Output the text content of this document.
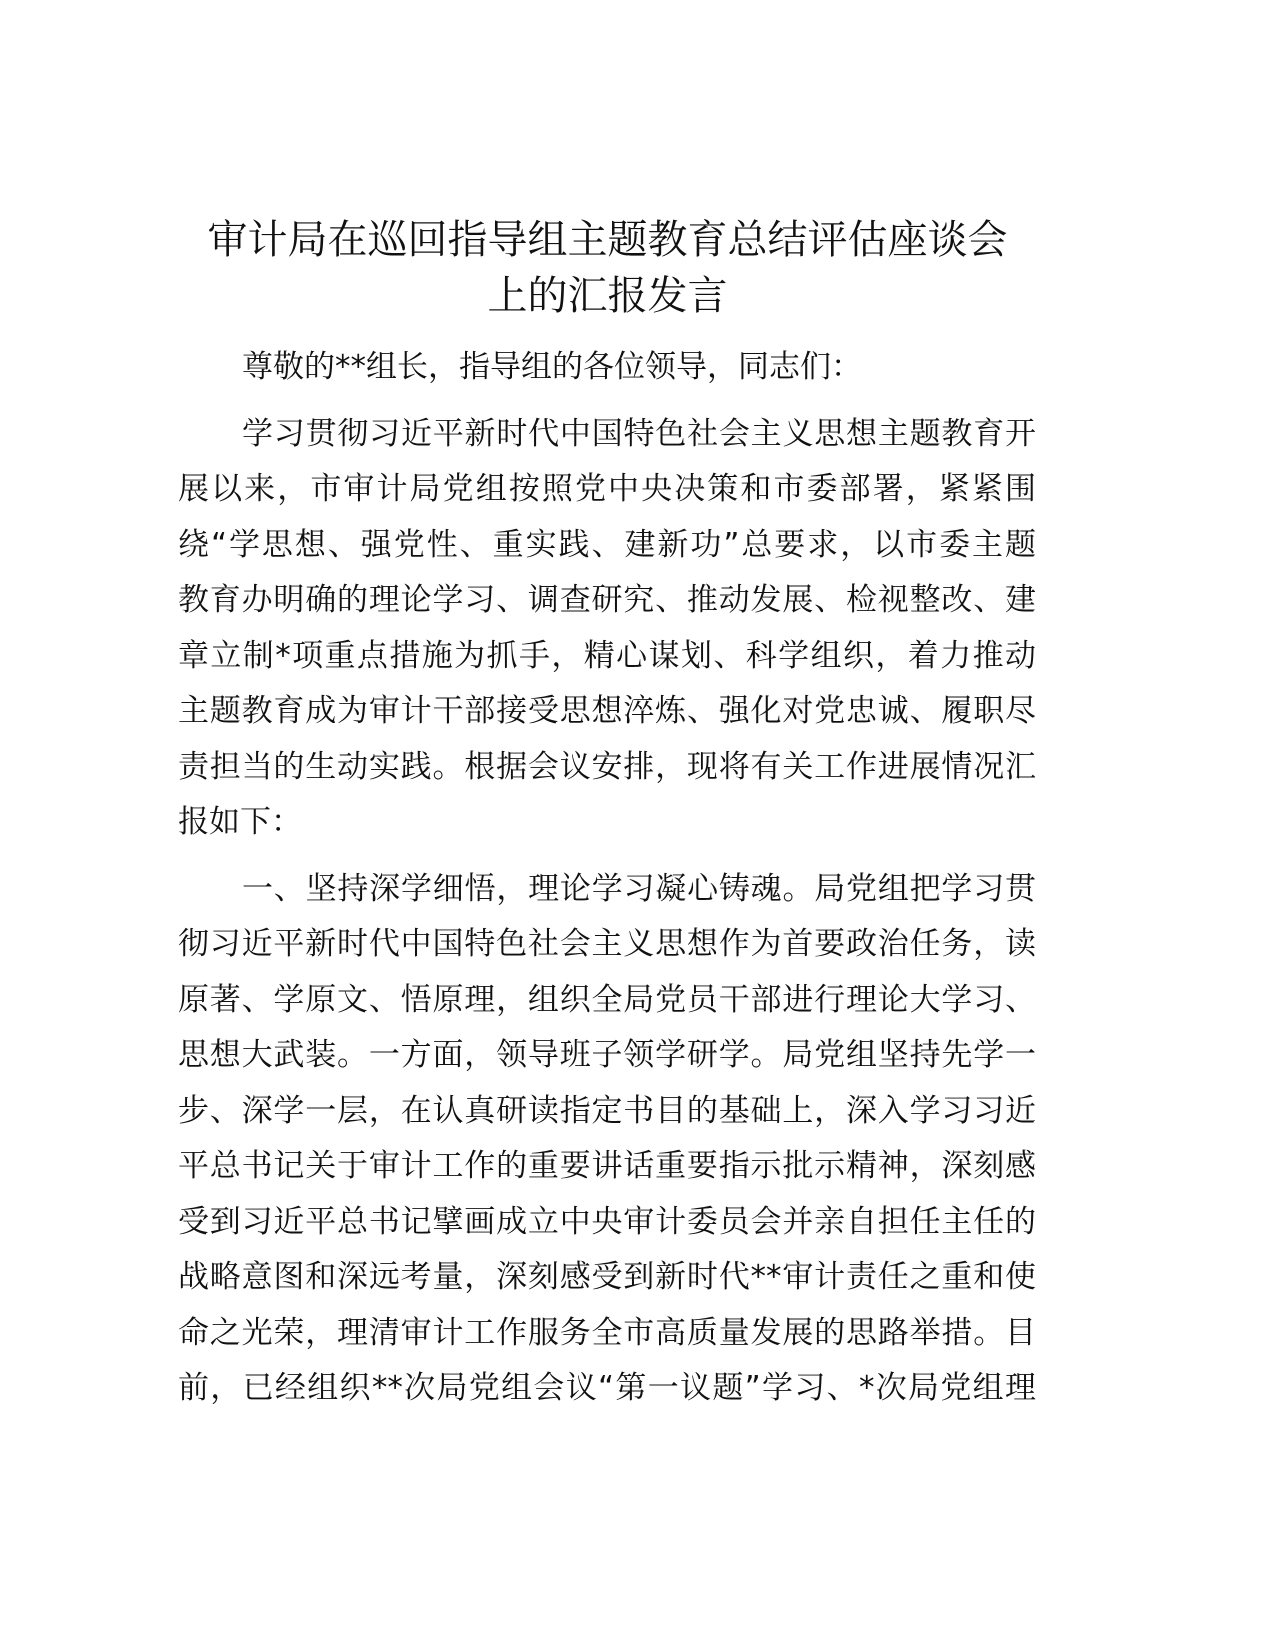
审计局在巡回指导组主题教育总结评估座谈会
上的汇报发言
尊敬的**组长，指导组的各位领导，同志们：
学习贯彻习近平新时代中国特色社会主义思想主题教育开
展以来，市审计局党组按照党中央决策和市委部署，紧紧围
绕“学思想、强党性、重实践、建新功”总要求，以市委主题
教育办明确的理论学习、调查研究、推动发展、检视整改、建
章立制*项重点措施为抓手，精心谋划、科学组织，着力推动
主题教育成为审计干部接受思想淬炼、强化对党忠诚、履职尽
责担当的生动实践。根据会议安排，现将有关工作进展情况汇
报如下：
一、坚持深学细悟，理论学习凝心铸魂。局党组把学习贯
彻习近平新时代中国特色社会主义思想作为首要政治任务，读
原著、学原文、悟原理，组织全局党员干部进行理论大学习、
思想大武装。一方面，领导班子领学研学。局党组坚持先学一
步、深学一层，在认真研读指定书目的基础上，深入学习习近
平总书记关于审计工作的重要讲话重要指示批示精神，深刻感
受到习近平总书记擘画成立中央审计委员会并亲自担任主任的
战略意图和深远考量，深刻感受到新时代**审计责任之重和使
命之光荣，理清审计工作服务全市高质量发展的思路举措。目
前，已经组织**次局党组会议“第一议题”学习、*次局党组理
